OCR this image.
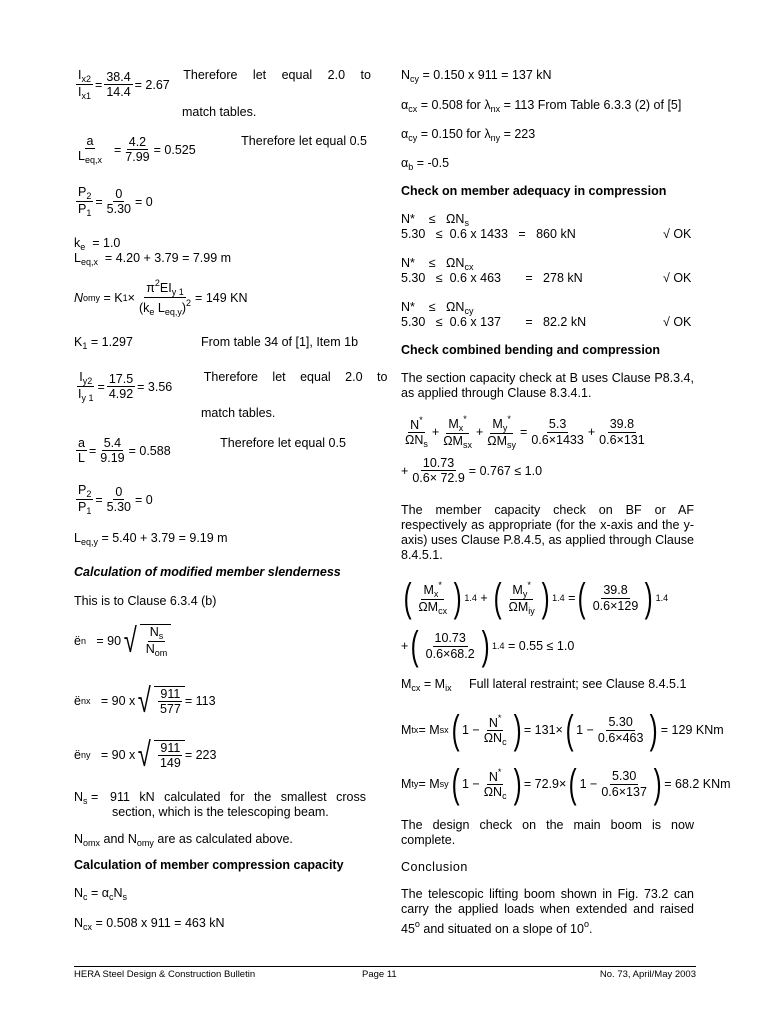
$\frac{I_{x2}}{I_{x1}} = \frac{38.4}{14.4} = 2.67$
Therefore let equal 2.0 to
match tables.
$\frac{a}{L_{eq,x}} = \frac{4.2}{7.99} = 0.525$
Therefore let equal 0.5
$\frac{P_2}{P_1} = \frac{0}{5.30} = 0$
$k_e = 1.0$
$L_{eq,x} = 4.20 + 3.79 = 7.99$ m
N omy = K $1 \times \frac{\pi^2EI_{y 1}}{(k_e L_{eq,y})^2} = 149$ KN
$K_1 = 1.297$	From table 34 of [1], Item 1b
$\frac{I_{y2}}{I_{y 1}} = \frac{17.5}{4.92} = 3.56$
Therefore let equal 2.0 to
match tables.
$\frac{a}{L} = \frac{5.4}{9.19} = 0.588$
Therefore let equal 0.5
$\frac{P_2}{P_1} = \frac{0}{5.30} = 0$
$L_{eq,y} = 5.40 + 3.79 = 9.19$ m
Calculation of modified member slenderness
This is to Clause 6.3.4 (b)
ë n
= 90 √ $\frac{N_s}{N_{om}}$
ë nx
= 90 x √ $\frac{911}{577} = 113$
ë ny
= 90 x √ $\frac{911}{149} = 223$
$N_s = 911$ kN calculated for the smallest cross section, which is the telescoping beam.
$N_{omx}$ and $N_{omy}$ are as calculated above.
Calculation of member compression capacity
$N_c = \alpha_cN_s$
$N_{cx} = 0.508$ x 911 = 463 kN
$N_{cy} = 0.150$ x 911 = 137 kN
$\alpha_{cx} = 0.508$ for $\lambda_{nx} = 113$ From Table 6.3.3 (2) of [5]
$\alpha_{cy} = 0.150$ for $\lambda_{ny} = 223$
$\alpha_b = -0.5$
Check on member adequacy in compression
N*    ≤   $\Omega N_s$
5.30   ≤  0.6 x 1433   =   860 kN	√ OK
N*    ≤   $\Omega N_{cx}$
5.30   ≤  0.6 x 463       =   278 kN	√ OK
N*    ≤   $\Omega N_{cy}$
5.30   ≤  0.6 x 137       =   82.2 kN	√ OK
Check combined bending and compression
The section capacity check at B uses Clause P8.3.4, as applied through Clause 8.3.4.1.
$\frac{N^*}{\Omega N_s} + \frac{M_x^*}{\Omega M_{sx}} + \frac{M_y^*}{\Omega M_{sy}} = \frac{5.3}{0.6\times 1433} + \frac{39.8}{0.6\times 131}$
+ $\frac{10.73}{0.6\times 72.9} = 0.767 \le 1.0$
The member capacity check on BF or AF respectively as appropriate (for the x-axis and the y-axis) uses Clause P.8.4.5, as applied through Clause 8.4.5.1.
( $\frac{M_x^*}{\Omega M_{cx}}$ ) 1.4 + ( $\frac{M_y^*}{\Omega M_{iy}}$ ) 1.4 = ( $\frac{39.8}{0.6\times 129}$ ) 1.4
+ ( $\frac{10.73}{0.6\times 68.2}$ ) 1.4
= 0.55 ≤ 1.0
$M_{cx} = M_{ix}$ Full lateral restraint; see Clause 8.4.5.1
M tx = M sx ( $1 - \frac{N^*}{\Omega N_c}$ ) = 131× ( $1 - \frac{5.30}{0.6\times 463}$ ) = 129 KNm
M ty = M sy ( $1 - \frac{N^*}{\Omega N_c}$ ) = 72.9× ( $1 - \frac{5.30}{0.6\times 137}$ ) = 68.2 KNm
The design check on the main boom is now complete.
Conclusion
The telescopic lifting boom shown in Fig. 73.2 can carry the applied loads when extended and raised 45$^o$ and situated on a slope of 10$^o$.
HERA Steel Design & Construction Bulletin	Page 11	No. 73, April/May 2003
